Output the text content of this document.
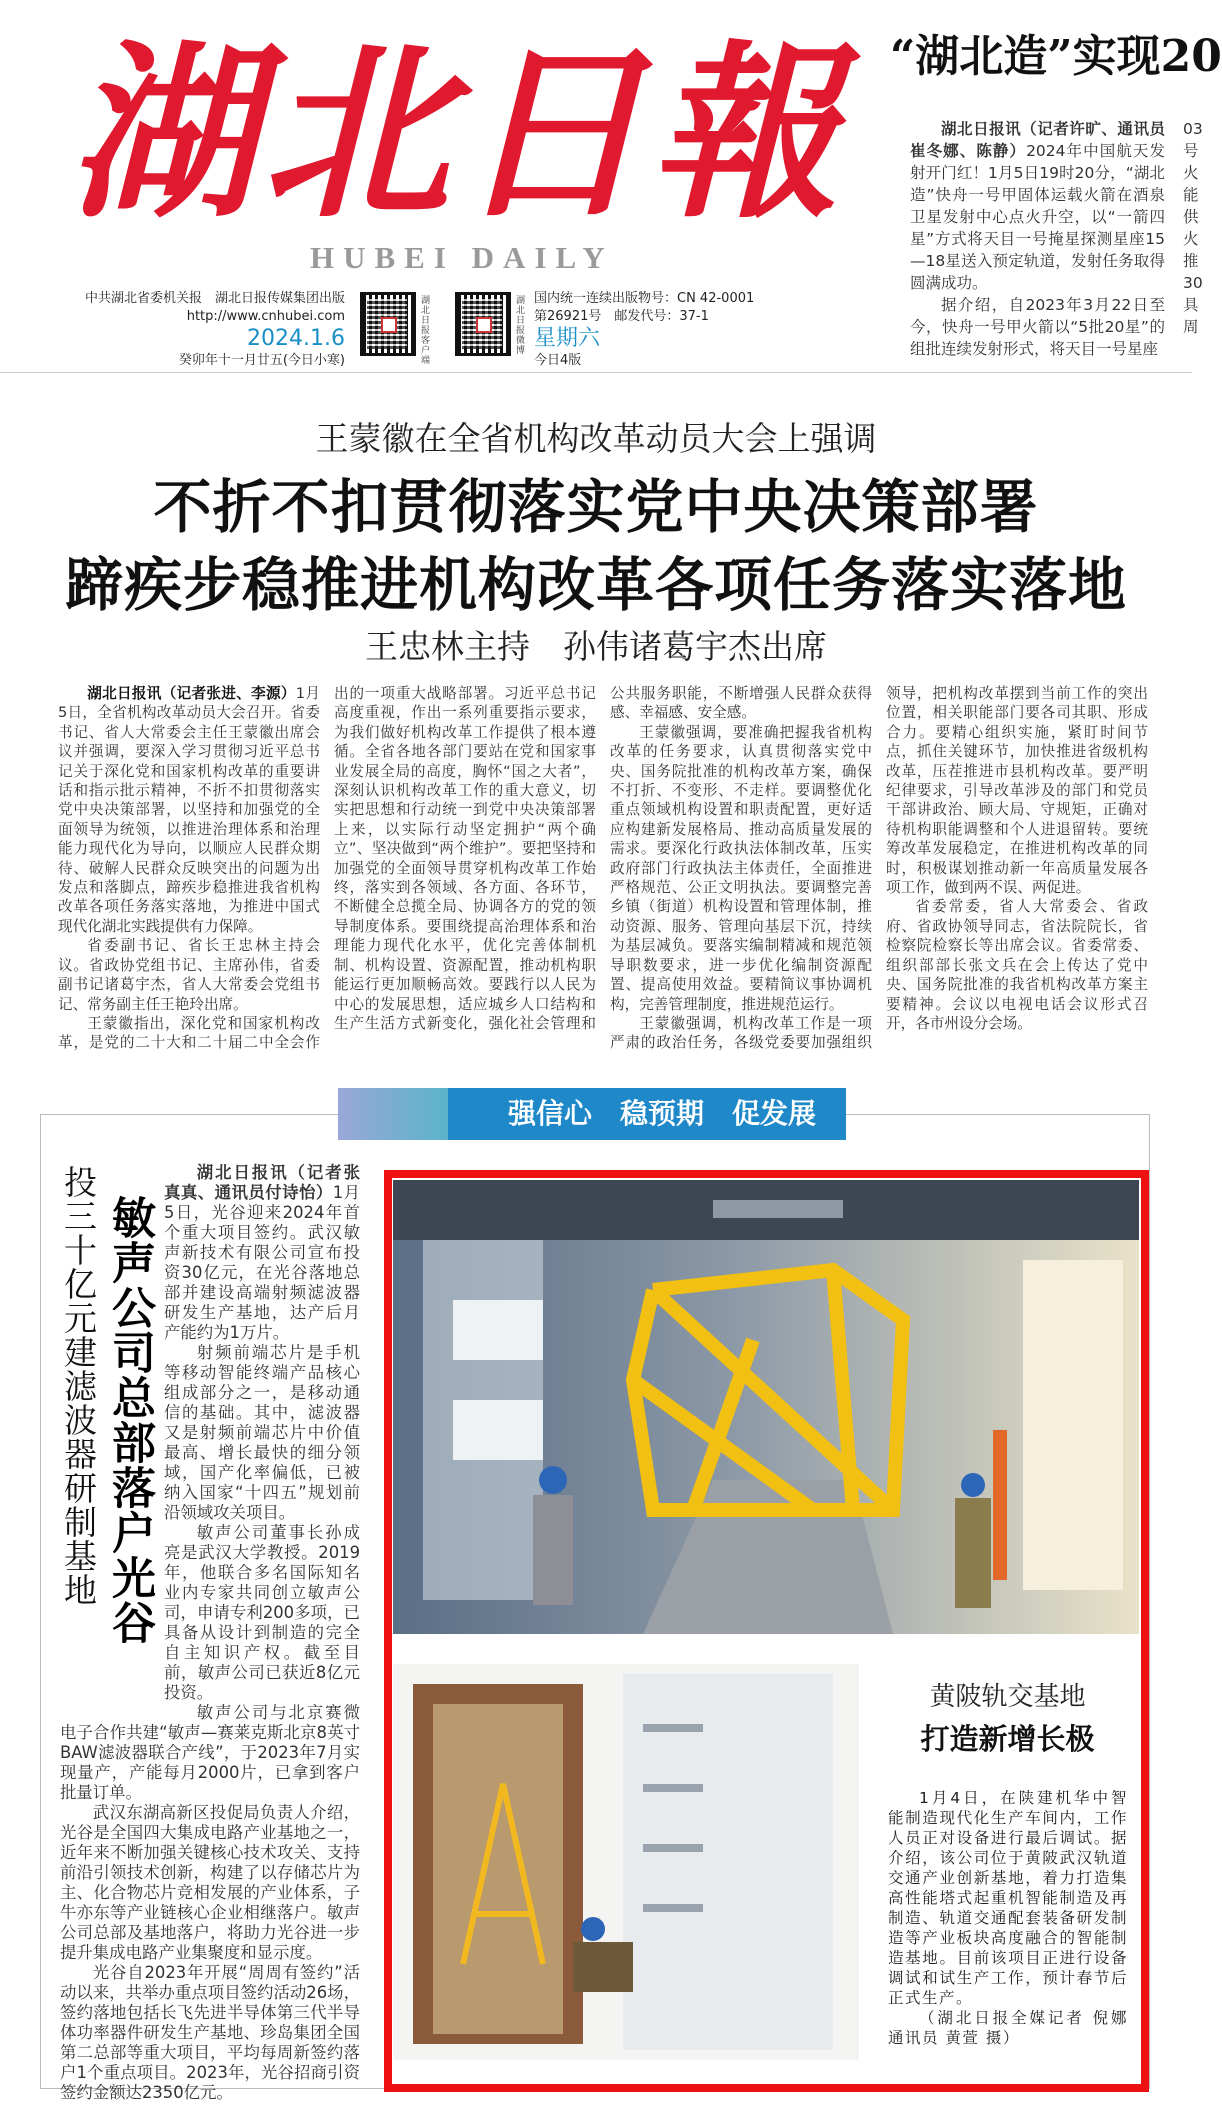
湖北日報
HUBEI DAILY
中共湖北省委机关报　湖北日报传媒集团出版
http://www.cnhubei.com
2024.1.6
癸卯年十一月廿五(今日小寒)
湖北日报客户端
湖北日报微博
国内统一连续出版物号：CN 42-0001
第26921号　邮发代号：37-1
星期六
今日4版
“湖北造”实现20

湖北日报讯（记者许旷、通讯员崔冬娜、陈静）2024年中国航天发射开门红！1月5日19时20分，“湖北造”快舟一号甲固体运载火箭在酒泉卫星发射中心点火升空，以“一箭四星”方式将天目一号掩星探测星座15—18星送入预定轨道，发射任务取得圆满成功。

据介绍，自2023年3月22日至今，快舟一号甲火箭以“5批20星”的组批连续发射形式，将天目一号星座

03号火能供 火推30具周
王蒙徽在全省机构改革动员大会上强调
不折不扣贯彻落实党中央决策部署
蹄疾步稳推进机构改革各项任务落实落地
王忠林主持　孙伟诸葛宇杰出席

湖北日报讯（记者张进、李源）1月5日，全省机构改革动员大会召开。省委书记、省人大常委会主任王蒙徽出席会议并强调，要深入学习贯彻习近平总书记关于深化党和国家机构改革的重要讲话和指示批示精神，不折不扣贯彻落实党中央决策部署，以坚持和加强党的全面领导为统领，以推进治理体系和治理能力现代化为导向，以顺应人民群众期待、破解人民群众反映突出的问题为出发点和落脚点，蹄疾步稳推进我省机构改革各项任务落实落地，为推进中国式现代化湖北实践提供有力保障。

省委副书记、省长王忠林主持会议。省政协党组书记、主席孙伟，省委副书记诸葛宇杰，省人大常委会党组书记、常务副主任王艳玲出席。

王蒙徽指出，深化党和国家机构改革，是党的二十大和二十届二中全会作出的一项重大战略部署。习近平总书记高度重视，作出一系列重要指示要求，为我们做好机构改革工作提供了根本遵循。全省各地各部门要站在党和国家事业发展全局的高度，胸怀“国之大者”，深刻认识机构改革工作的重大意义，切实把思想和行动统一到党中央决策部署上来，以实际行动坚定拥护“两个确立”、坚决做到“两个维护”。要把坚持和加强党的全面领导贯穿机构改革工作始终，落实到各领域、各方面、各环节，不断健全总揽全局、协调各方的党的领导制度体系。要围绕提高治理体系和治理能力现代化水平，优化完善体制机制、机构设置、资源配置，推动机构职能运行更加顺畅高效。要践行以人民为中心的发展思想，适应城乡人口结构和生产生活方式新变化，强化社会管理和公共服务职能，不断增强人民群众获得感、幸福感、安全感。

王蒙徽强调，要准确把握我省机构改革的任务要求，认真贯彻落实党中央、国务院批准的机构改革方案，确保不打折、不变形、不走样。要调整优化重点领域机构设置和职责配置，更好适应构建新发展格局、推动高质量发展的需求。要深化行政执法体制改革，压实政府部门行政执法主体责任，全面推进严格规范、公正文明执法。要调整完善乡镇（街道）机构设置和管理体制，推动资源、服务、管理向基层下沉，持续为基层减负。要落实编制精减和规范领导职数要求，进一步优化编制资源配置、提高使用效益。要精简议事协调机构，完善管理制度，推进规范运行。

王蒙徽强调，机构改革工作是一项严肃的政治任务，各级党委要加强组织领导，把机构改革摆到当前工作的突出位置，相关职能部门要各司其职、形成合力。要精心组织实施，紧盯时间节点，抓住关键环节，加快推进省级机构改革，压茬推进市县机构改革。要严明纪律要求，引导改革涉及的部门和党员干部讲政治、顾大局、守规矩，正确对待机构职能调整和个人进退留转。要统筹改革发展稳定，在推进机构改革的同时，积极谋划推动新一年高质量发展各项工作，做到两不误、两促进。

省委常委，省人大常委会、省政府、省政协领导同志，省法院院长，省检察院检察长等出席会议。省委常委、组织部部长张文兵在会上传达了党中央、国务院批准的我省机构改革方案主要精神。会议以电视电话会议形式召开，各市州设分会场。

强信心　稳预期　促发展
投三十亿元建滤波器研制基地 敏声公司总部落户光谷

湖北日报讯（记者张真真、通讯员付诗怡）1月5日，光谷迎来2024年首个重大项目签约。武汉敏声新技术有限公司宣布投资30亿元，在光谷落地总部并建设高端射频滤波器研发生产基地，达产后月产能约为1万片。

射频前端芯片是手机等移动智能终端产品核心组成部分之一，是移动通信的基础。其中，滤波器又是射频前端芯片中价值最高、增长最快的细分领域，国产化率偏低，已被纳入国家“十四五”规划前沿领域攻关项目。

敏声公司董事长孙成亮是武汉大学教授。2019年，他联合多名国际知名业内专家共同创立敏声公司，申请专利200多项，已具备从设计到制造的完全自主知识产权。截至目前，敏声公司已获近8亿元投资。

敏声公司与北京赛微电子合作共建“敏声—赛莱克斯北京8英寸BAW滤波器联合产线”，于2023年7月实现量产，产能每月2000片，已拿到客户批量订单。

武汉东湖高新区投促局负责人介绍，光谷是全国四大集成电路产业基地之一，近年来不断加强关键核心技术攻关、支持前沿引领技术创新，构建了以存储芯片为主、化合物芯片竞相发展的产业体系，子牛亦东等产业链核心企业相继落户。敏声公司总部及基地落户，将助力光谷进一步提升集成电路产业集聚度和显示度。

光谷自2023年开展“周周有签约”活动以来，共举办重点项目签约活动26场，签约落地包括长飞先进半导体第三代半导体功率器件研发生产基地、珍岛集团全国第二总部等重大项目，平均每周新签约落户1个重点项目。2023年，光谷招商引资签约金额达2350亿元。

黄陂轨交基地
打造新增长极

1月4日，在陕建机华中智能制造现代化生产车间内，工作人员正对设备进行最后调试。据介绍，该公司位于黄陂武汉轨道交通产业创新基地，着力打造集高性能塔式起重机智能制造及再制造、轨道交通配套装备研发制造等产业板块高度融合的智能制造基地。目前该项目正进行设备调试和试生产工作，预计春节后正式生产。

（湖北日报全媒记者 倪娜　通讯员 黄萱 摄）
